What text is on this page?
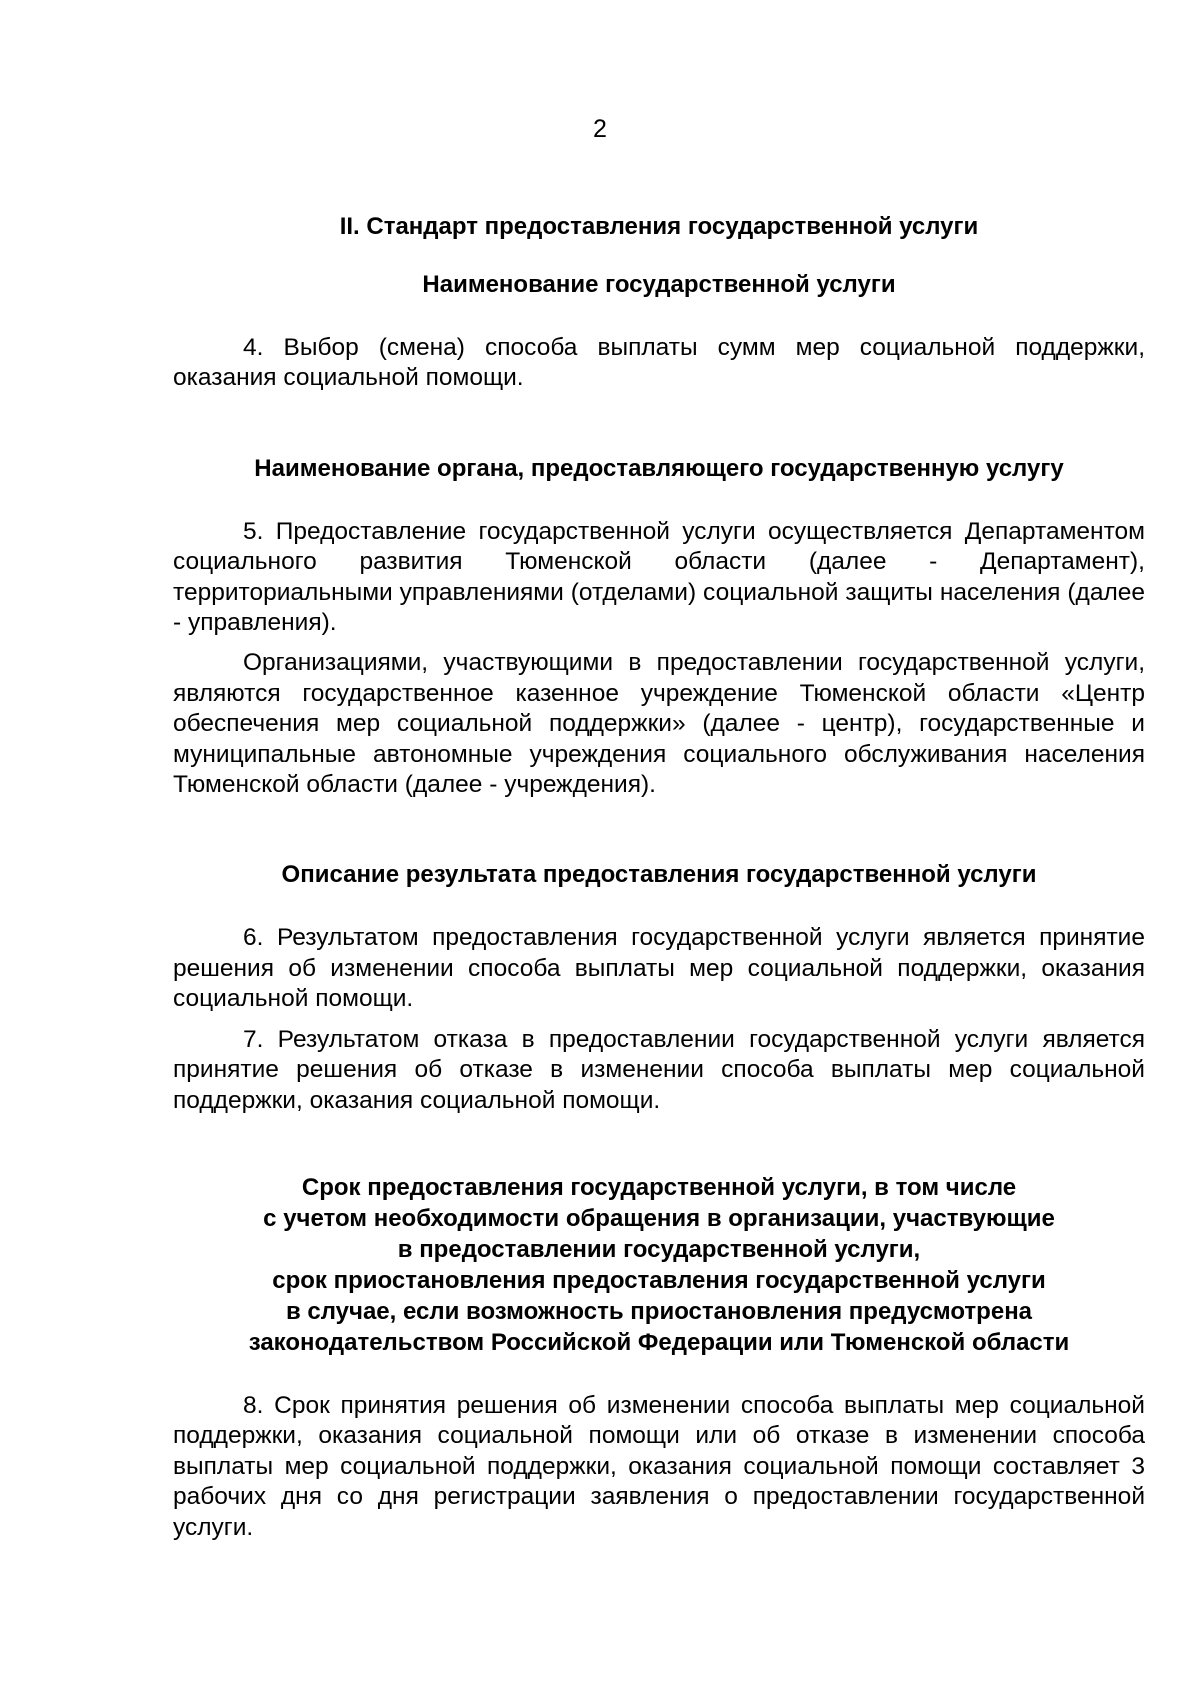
2

II. Стандарт предоставления государственной услуги

Наименование государственной услуги

4. Выбор (смена) способа выплаты сумм мер социальной поддержки, оказания социальной помощи.

Наименование органа, предоставляющего государственную услугу

5. Предоставление государственной услуги осуществляется Департаментом социального развития Тюменской области (далее - Департамент), территориальными управлениями (отделами) социальной защиты населения (далее - управления).

Организациями, участвующими в предоставлении государственной услуги, являются государственное казенное учреждение Тюменской области «Центр обеспечения мер социальной поддержки» (далее - центр), государственные и муниципальные автономные учреждения социального обслуживания населения Тюменской области (далее - учреждения).

Описание результата предоставления государственной услуги

6. Результатом предоставления государственной услуги является принятие решения об изменении способа выплаты мер социальной поддержки, оказания социальной помощи.

7. Результатом отказа в предоставлении государственной услуги является принятие решения об отказе в изменении способа выплаты мер социальной поддержки, оказания социальной помощи.

Срок предоставления государственной услуги, в том числе
с учетом необходимости обращения в организации, участвующие
в предоставлении государственной услуги,
срок приостановления предоставления государственной услуги
в случае, если возможность приостановления предусмотрена
законодательством Российской Федерации или Тюменской области

8. Срок принятия решения об изменении способа выплаты мер социальной поддержки, оказания социальной помощи или об отказе в изменении способа выплаты мер социальной поддержки, оказания социальной помощи составляет 3 рабочих дня со дня регистрации заявления о предоставлении государственной услуги.
